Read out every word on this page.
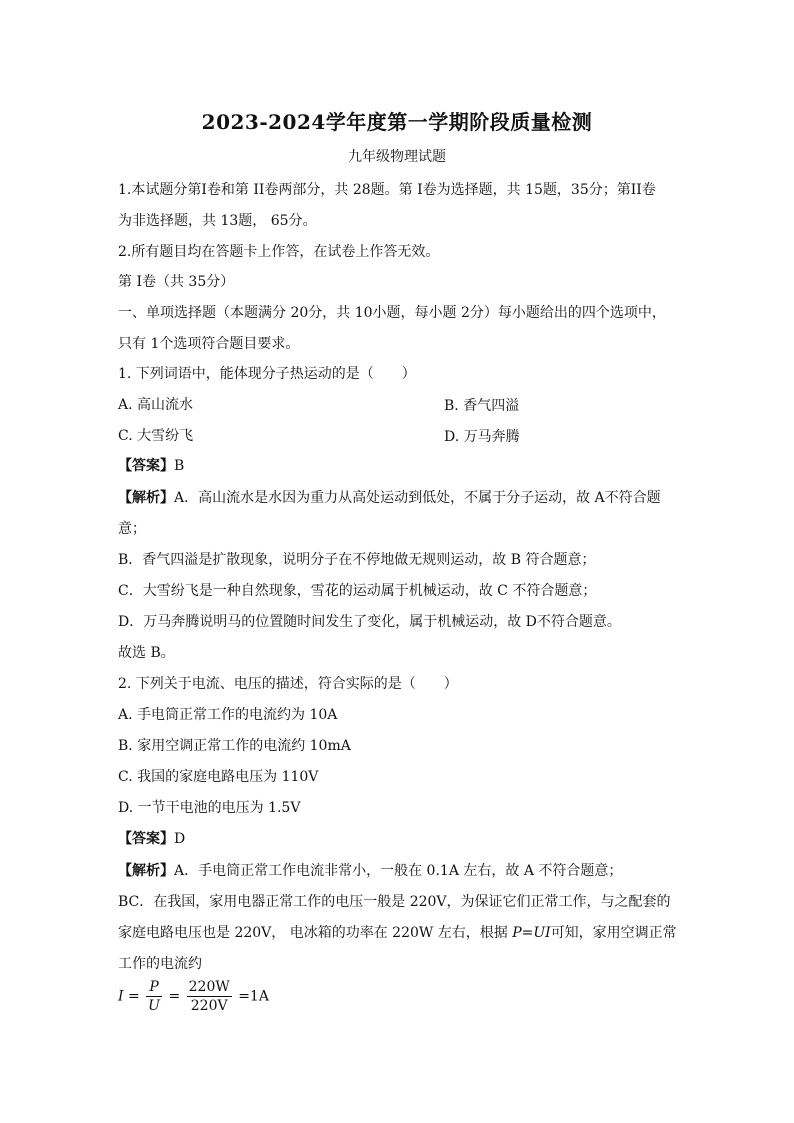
2023-2024学年度第一学期阶段质量检测
九年级物理试题
1.本试题分第I卷和第 II卷两部分，共 28题。第 I卷为选择题，共 15题，35分；第II卷
为非选择题，共 13题， 65分。
2.所有题目均在答题卡上作答，在试卷上作答无效。
第 I卷（共 35分）
一、单项选择题（本题满分 20分，共 10小题，每小题 2分）每小题给出的四个选项中，
只有 1个选项符合题目要求。
1. 下列词语中，能体现分子热运动的是（　　）
A. 高山流水	B. 香气四溢
C. 大雪纷飞	D. 万马奔腾
【答案】B
【解析】A．高山流水是水因为重力从高处运动到低处，不属于分子运动，故 A不符合题
意；
B．香气四溢是扩散现象，说明分子在不停地做无规则运动，故 B 符合题意；
C．大雪纷飞是一种自然现象，雪花的运动属于机械运动，故 C 不符合题意；
D．万马奔腾说明马的位置随时间发生了变化，属于机械运动，故 D不符合题意。
故选 B。
2. 下列关于电流、电压的描述，符合实际的是（　　）
A. 手电筒正常工作的电流约为 10A
B. 家用空调正常工作的电流约 10mA
C. 我国的家庭电路电压为 110V
D. 一节干电池的电压为 1.5V
【答案】D
【解析】A．手电筒正常工作电流非常小，一般在 0.1A 左右，故 A 不符合题意；
BC．在我国，家用电器正常工作的电压一般是 220V，为保证它们正常工作，与之配套的
家庭电路电压也是 220V， 电冰箱的功率在 220W 左右，根据 P=UI可知，家用空调正常
工作的电流约
$I = \frac{P}{U} = \frac{220W}{220V} =1A$
